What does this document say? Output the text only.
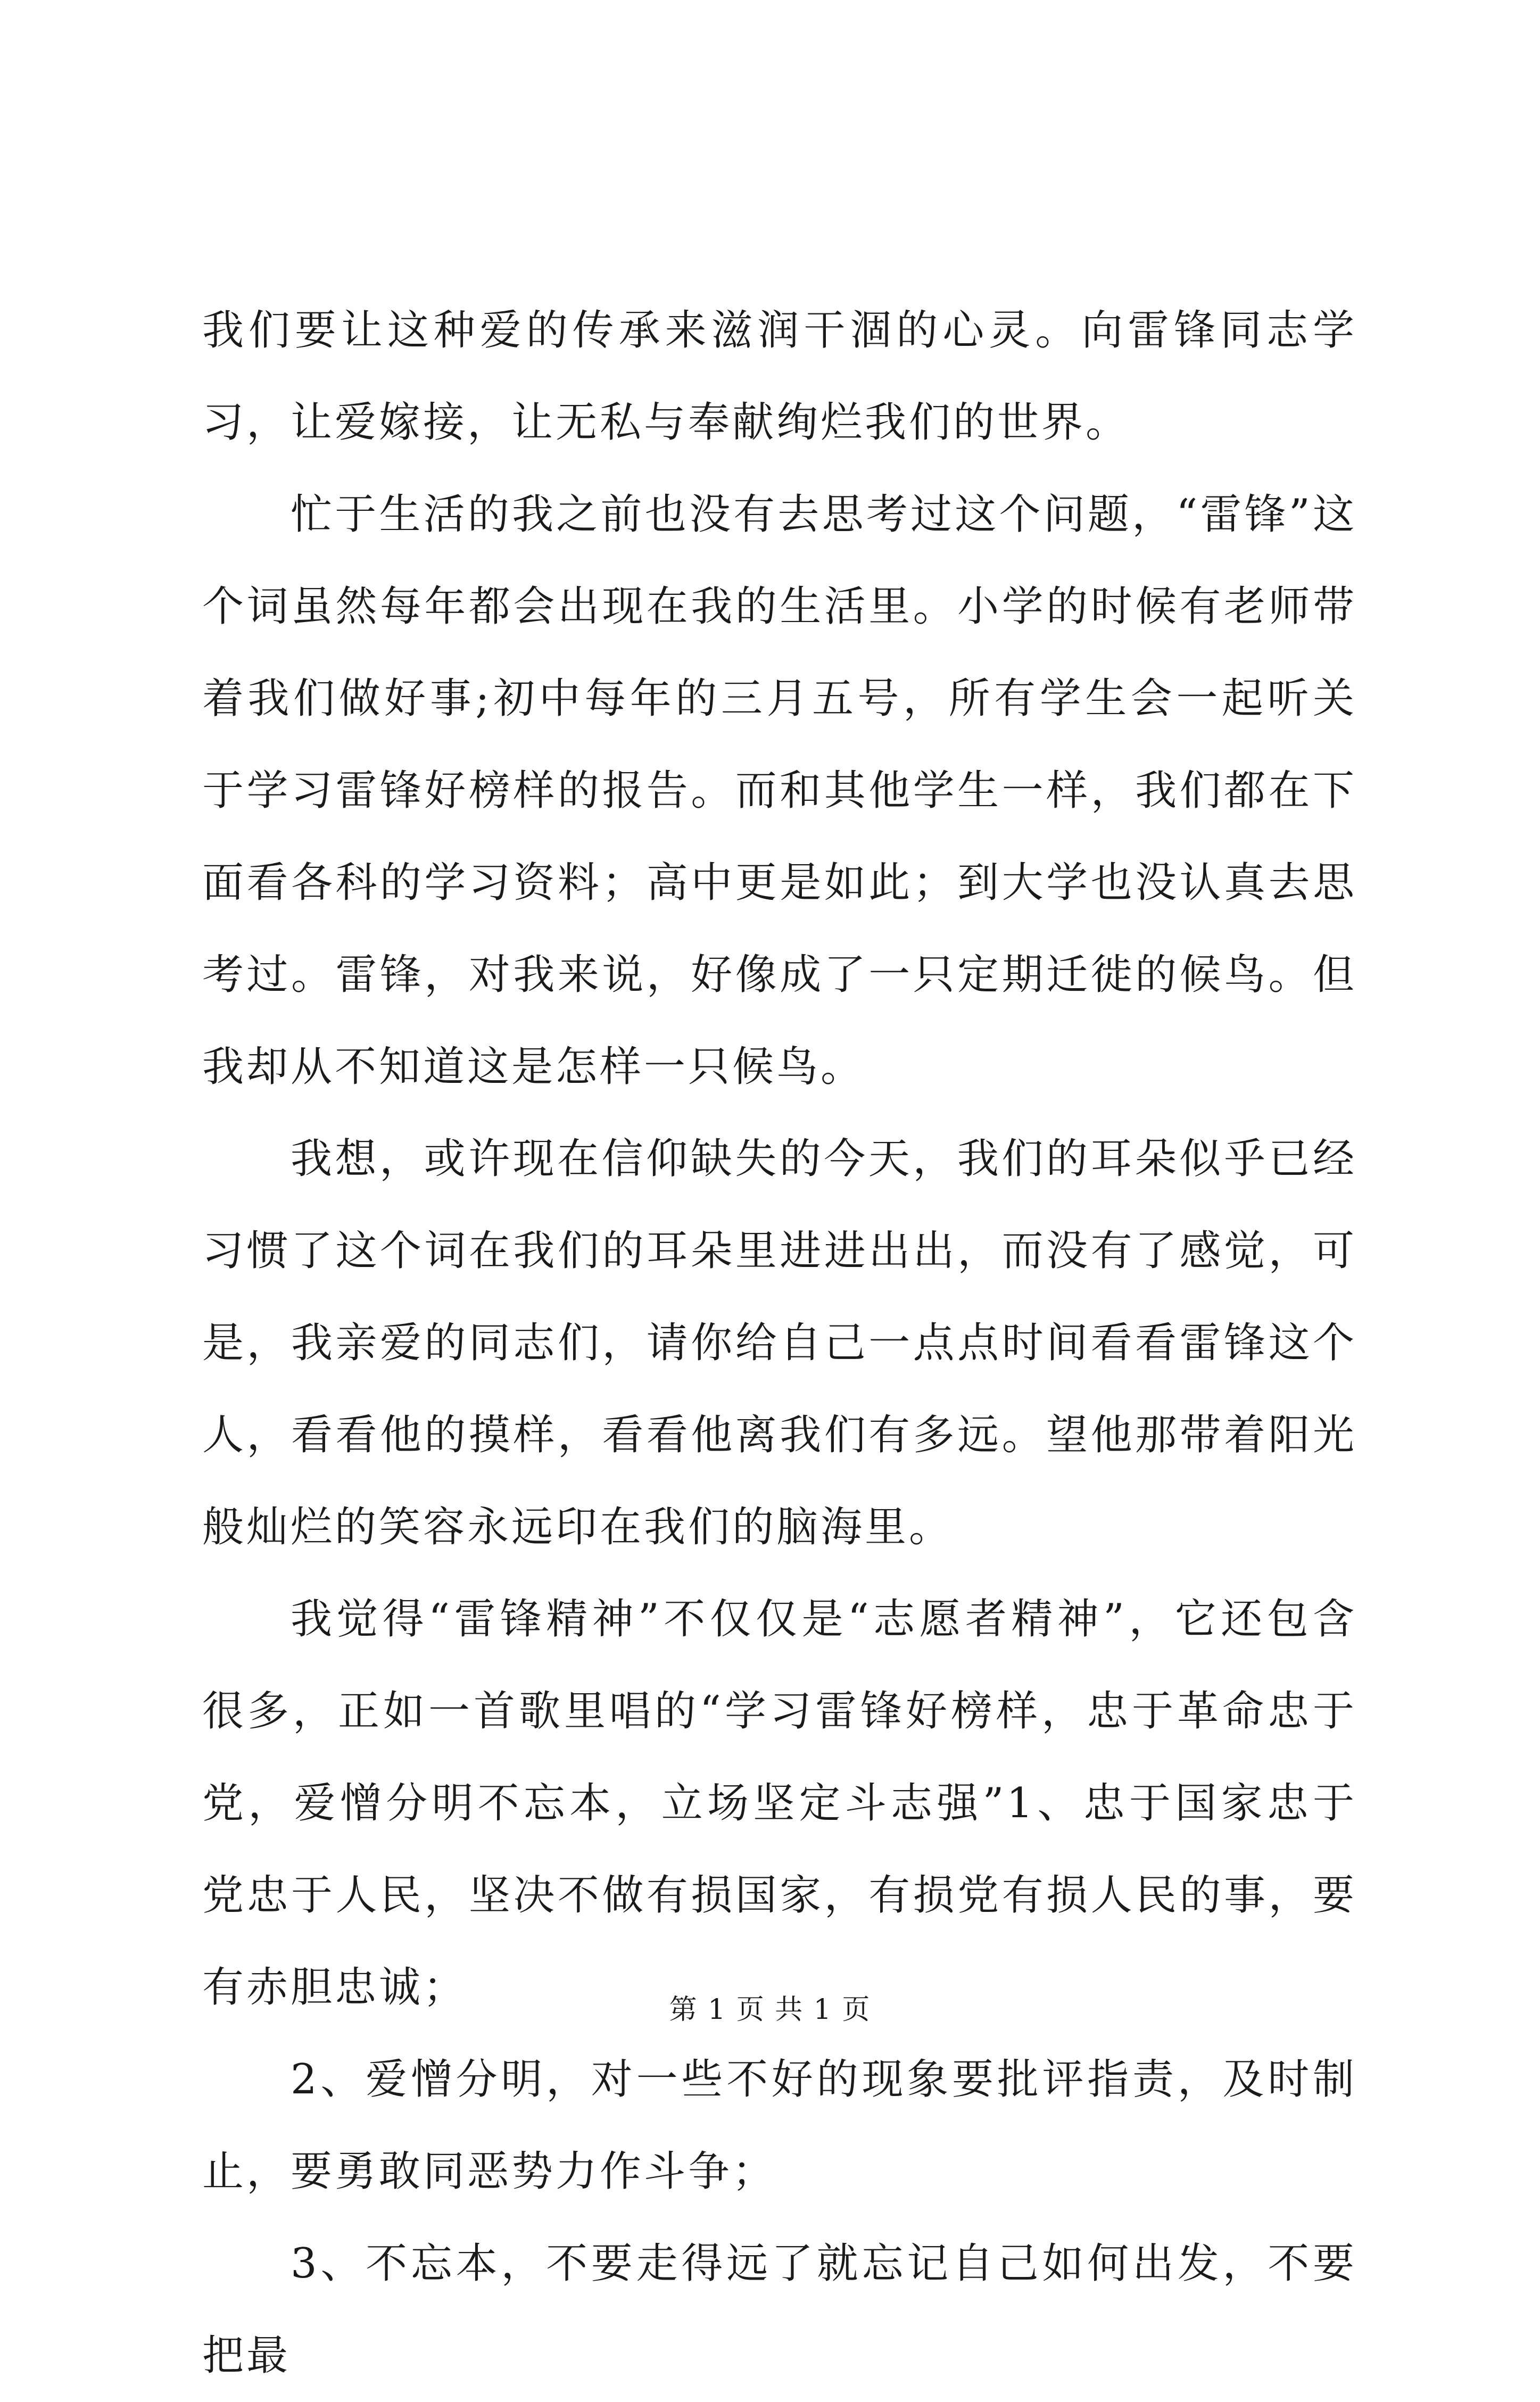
我们要让这种爱的传承来滋润干涸的心灵。向雷锋同志学习，让爱嫁接，让无私与奉献绚烂我们的世界。

忙于生活的我之前也没有去思考过这个问题，“雷锋”这个词虽然每年都会出现在我的生活里。小学的时候有老师带着我们做好事;初中每年的三月五号，所有学生会一起听关于学习雷锋好榜样的报告。而和其他学生一样，我们都在下面看各科的学习资料；高中更是如此；到大学也没认真去思考过。雷锋，对我来说，好像成了一只定期迁徙的候鸟。但我却从不知道这是怎样一只候鸟。

我想，或许现在信仰缺失的今天，我们的耳朵似乎已经习惯了这个词在我们的耳朵里进进出出，而没有了感觉，可是，我亲爱的同志们，请你给自己一点点时间看看雷锋这个人，看看他的摸样，看看他离我们有多远。望他那带着阳光般灿烂的笑容永远印在我们的脑海里。

我觉得“雷锋精神”不仅仅是“志愿者精神”，它还包含很多，正如一首歌里唱的“学习雷锋好榜样，忠于革命忠于党，爱憎分明不忘本，立场坚定斗志强”1、忠于国家忠于党忠于人民，坚决不做有损国家，有损党有损人民的事，要有赤胆忠诚；

2、爱憎分明，对一些不好的现象要批评指责，及时制止，要勇敢同恶势力作斗争；

3、不忘本，不要走得远了就忘记自己如何出发，不要把最

第 1 页 共 1 页
